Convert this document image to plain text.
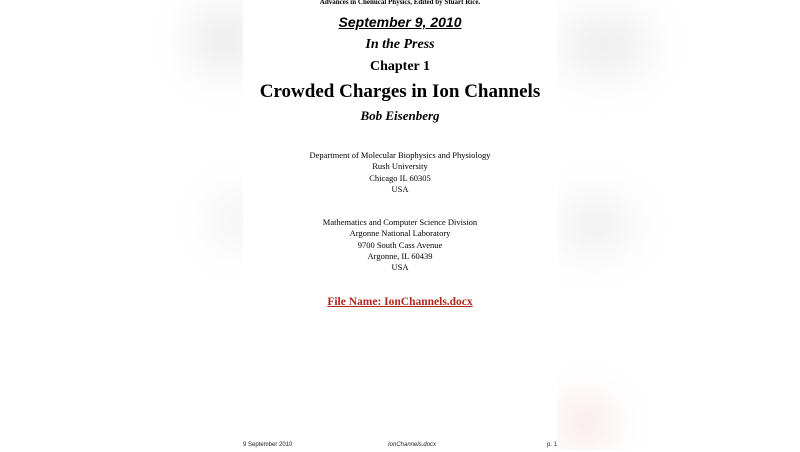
Advances in Chemical Physics, Edited by Stuart Rice.
September 9, 2010
In the Press
Chapter 1
Crowded Charges in Ion Channels
Bob Eisenberg
Department of Molecular Biophysics and Physiology
Rush University
Chicago IL 60305
USA
Mathematics and Computer Science Division
Argonne National Laboratory
9700 South Cass Avenue
Argonne, IL 60439
USA
File Name: IonChannels.docx
9 September 2010	IonChannels.docx	p. 1
